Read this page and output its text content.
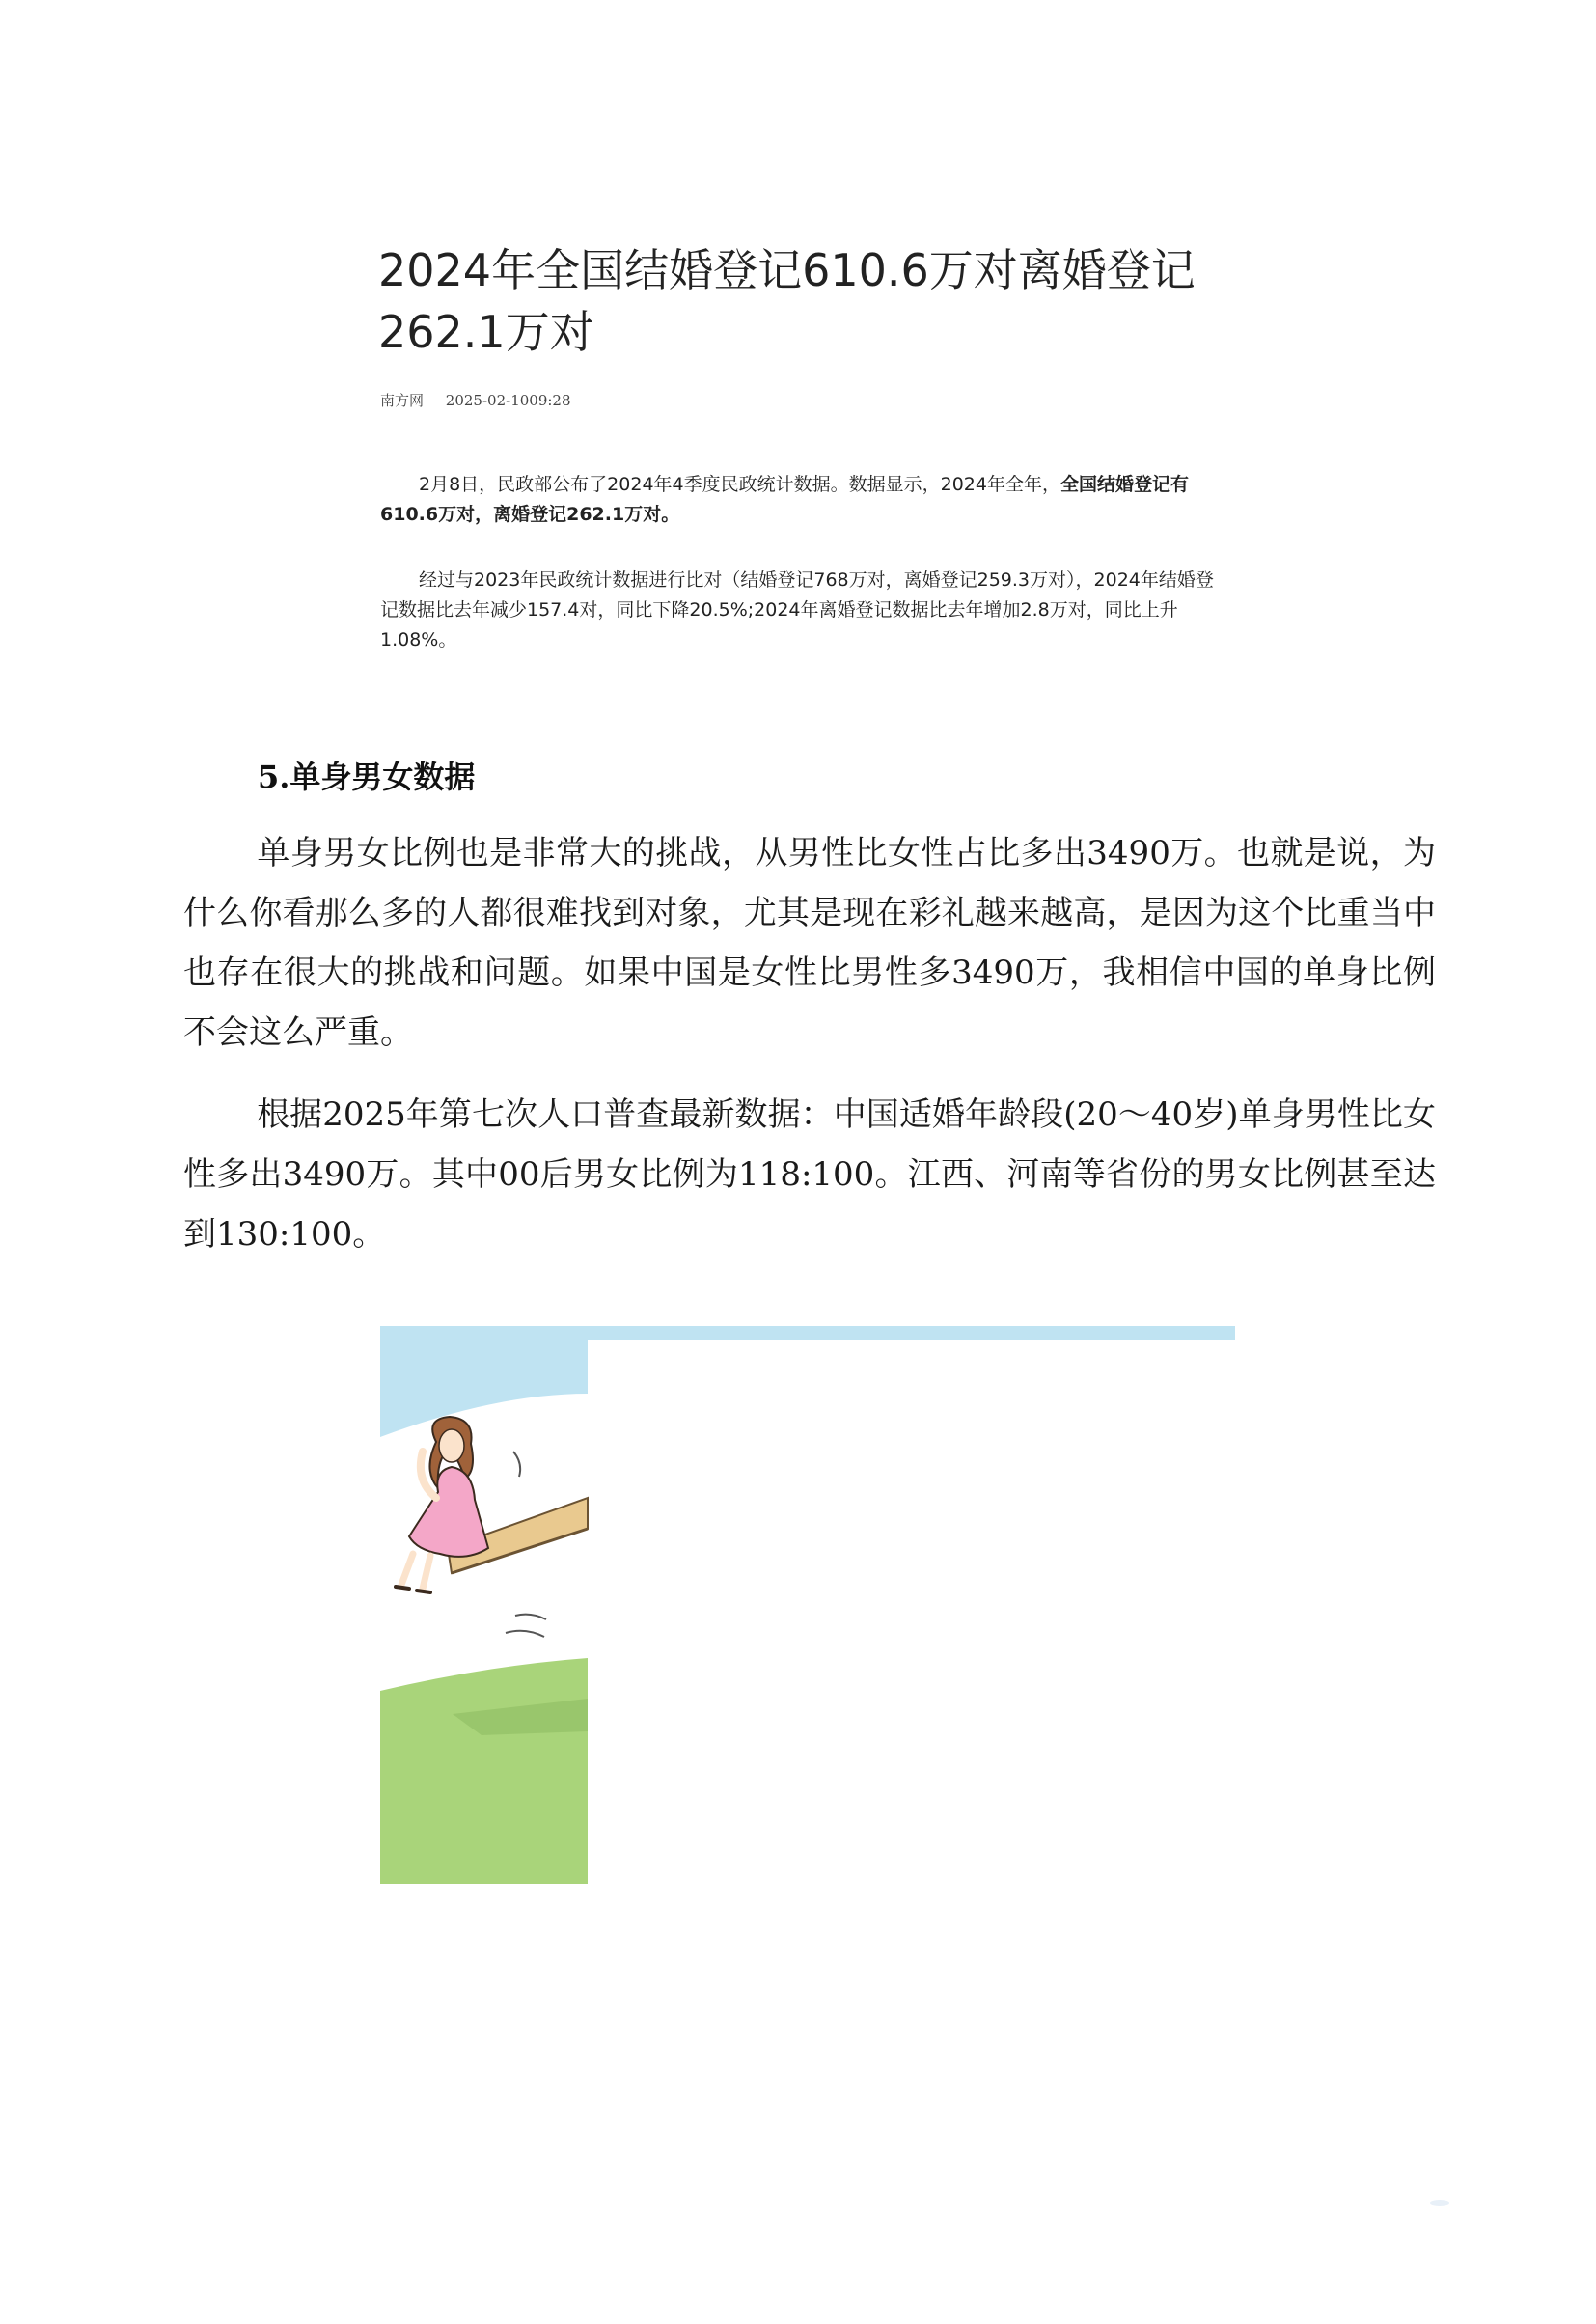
2024年全国结婚登记610.6万对离婚登记262.1万对
南方网 2025-02-1009:28
2月8日，民政部公布了2024年4季度民政统计数据。数据显示，2024年全年，全国结婚登记有610.6万对，离婚登记262.1万对。
经过与2023年民政统计数据进行比对（结婚登记768万对，离婚登记259.3万对），2024年结婚登记数据比去年减少157.4对，同比下降20.5%;2024年离婚登记数据比去年增加2.8万对，同比上升1.08%。
5.单身男女数据
单身男女比例也是非常大的挑战，从男性比女性占比多出3490万。也就是说，为什么你看那么多的人都很难找到对象，尤其是现在彩礼越来越高，是因为这个比重当中也存在很大的挑战和问题。如果中国是女性比男性多3490万，我相信中国的单身比例不会这么严重。
根据2025年第七次人口普查最新数据：中国适婚年龄段(20～40岁)单身男性比女性多出3490万。其中00后男女比例为118:100。江西、河南等省份的男女比例甚至达到130:100。
